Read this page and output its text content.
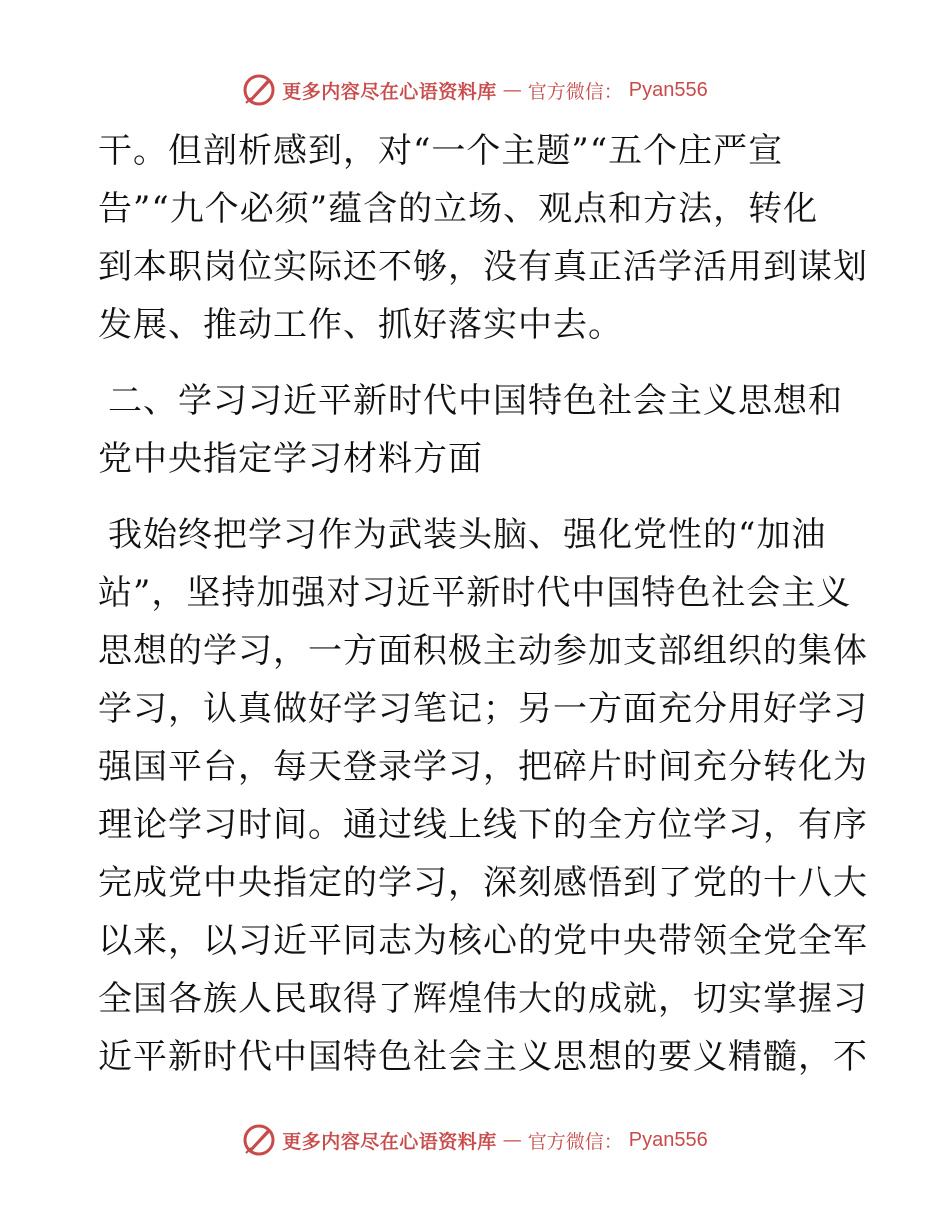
更多内容尽在心语资料库 — 官方微信： Pyan556
干。但剖析感到，对“一个主题”“五个庄严宣
告”“九个必须”蕴含的立场、观点和方法，转化
到本职岗位实际还不够，没有真正活学活用到谋划
发展、推动工作、抓好落实中去。
二、学习习近平新时代中国特色社会主义思想和
党中央指定学习材料方面
我始终把学习作为武装头脑、强化党性的“加油
站”，坚持加强对习近平新时代中国特色社会主义
思想的学习，一方面积极主动参加支部组织的集体
学习，认真做好学习笔记；另一方面充分用好学习
强国平台，每天登录学习，把碎片时间充分转化为
理论学习时间。通过线上线下的全方位学习，有序
完成党中央指定的学习，深刻感悟到了党的十八大
以来，以习近平同志为核心的党中央带领全党全军
全国各族人民取得了辉煌伟大的成就，切实掌握习
近平新时代中国特色社会主义思想的要义精髓，不
更多内容尽在心语资料库 — 官方微信： Pyan556
